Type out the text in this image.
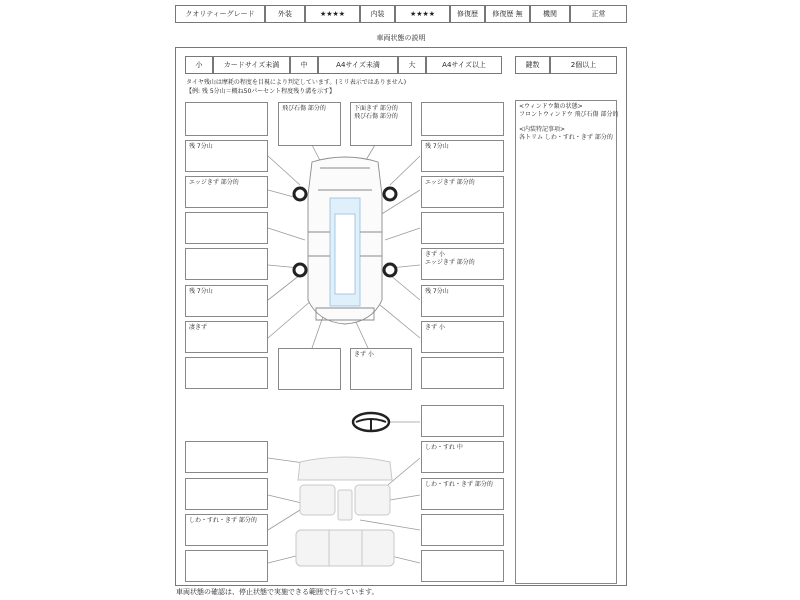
クオリティーグレード	外装	★★★★	内装	★★★★	修復歴	修復歴 無	機関	正常
車両状態の説明
小	カードサイズ未満	中	A4サイズ未満	大	A4サイズ以上	鍵数	2個以上
タイヤ残山は摩耗の程度を目視により判定しています。(ミリ表示ではありません)
【例: 残 5分山＝概ね50パーセント程度残り溝を示す】
<ウィンドウ類の状態>
フロントウィンドウ 飛び石傷 部分的
<内装特記事項>
各トリム しわ・すれ・きず 部分的
飛び石傷 部分的	下面きず 部分的
飛び石傷 部分的
残 7分山
エッジきず 部分的
残 7分山
凄きず
きず 小
残 7分山
エッジきず 部分的
きず 小
エッジきず 部分的
残 7分山
きず 小
しわ・すれ・きず 部分的
しわ・すれ 中
しわ・すれ・きず 部分的
車両状態の確認は、停止状態で実施できる範囲で行っています。
